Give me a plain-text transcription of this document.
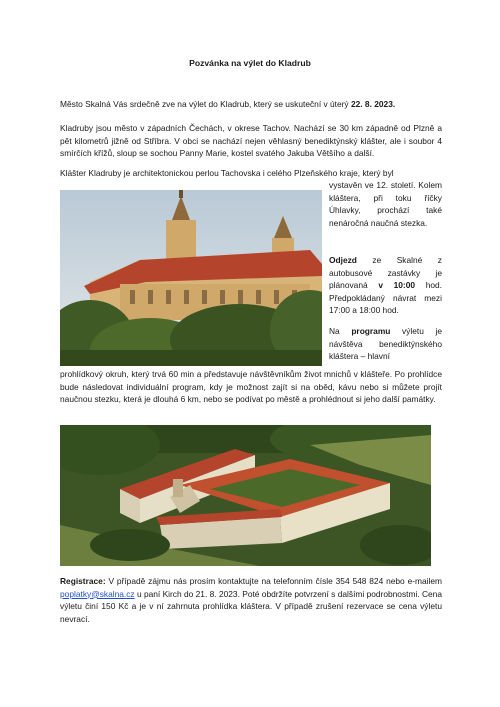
Pozvánka na výlet do Kladrub
Město Skalná Vás srdečně zve na výlet do Kladrub, který se uskuteční v úterý 22. 8. 2023.
Kladruby jsou město v západních Čechách, v okrese Tachov. Nachází se 30 km západně od Plzně a pět kilometrů jižně od Stříbra. V obci se nachází nejen věhlasný benediktýnský klášter, ale i soubor 4 smírčích křížů, sloup se sochou Panny Marie, kostel svatého Jakuba Většího a další.
Klášter Kladruby je architektonickou perlou Tachovska i celého Plzeňského kraje, který byl
vystavěn ve 12. století. Kolem kláštera, při toku říčky Úhlavky, prochází také nenáročná naučná stezka.
Odjezd ze Skalné z autobusové zastávky je plánovaná v 10:00 hod. Předpokládaný návrat mezi 17:00 a 18:00 hod.
Na programu výletu je návštěva benediktýnského kláštera – hlavní
prohlídkový okruh, který trvá 60 min a představuje návštěvníkům život mnichů v klášteře. Po prohlídce bude následovat individuální program, kdy je možnost zajít si na oběd, kávu nebo si můžete projít naučnou stezku, která je dlouhá 6 km, nebo se podívat po městě a prohlédnout si jeho další památky.
Registrace: V případě zájmu nás prosím kontaktujte na telefonním čísle 354 548 824 nebo e-mailem poplatky@skalna.cz u paní Kirch do 21. 8. 2023. Poté obdržíte potvrzení s dalšími podrobnostmi. Cena výletu činí 150 Kč a je v ní zahrnuta prohlídka kláštera. V případě zrušení rezervace se cena výletu nevrací.
